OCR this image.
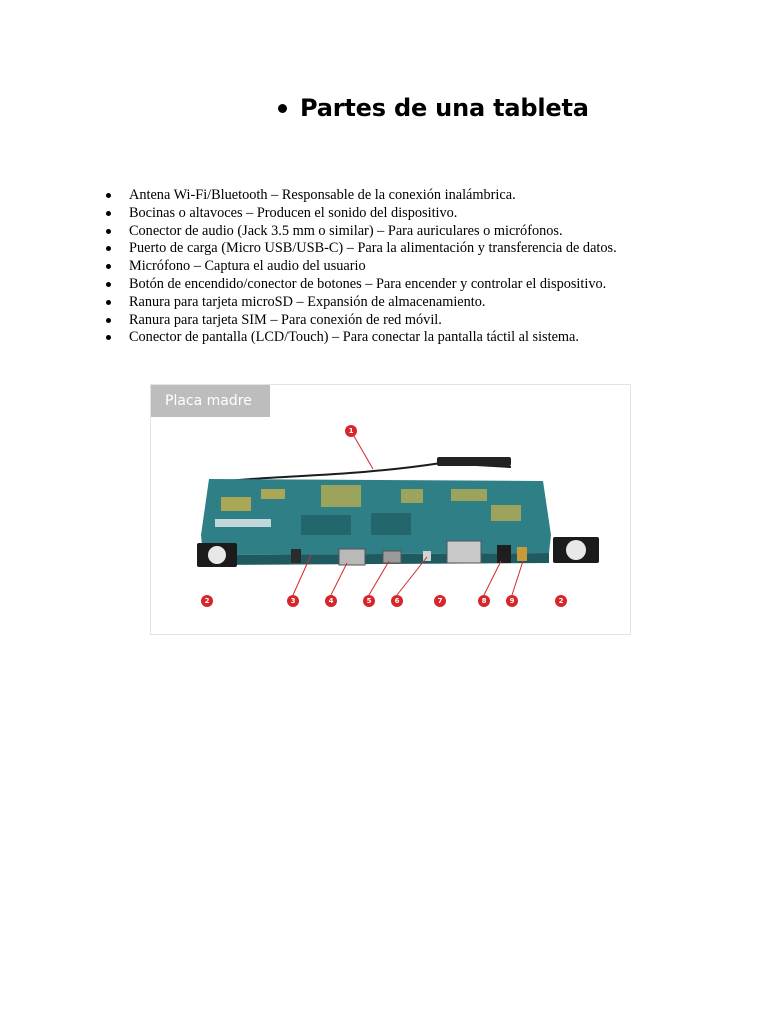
Partes de una tableta
Antena Wi-Fi/Bluetooth – Responsable de la conexión inalámbrica.
Bocinas o altavoces – Producen el sonido del dispositivo.
Conector de audio (Jack 3.5 mm o similar) – Para auriculares o micrófonos.
Puerto de carga (Micro USB/USB-C) – Para la alimentación y transferencia de datos.
Micrófono – Captura el audio del usuario
Botón de encendido/conector de botones – Para encender y controlar el dispositivo.
Ranura para tarjeta microSD – Expansión de almacenamiento.
Ranura para tarjeta SIM – Para conexión de red móvil.
Conector de pantalla (LCD/Touch) – Para conectar la pantalla táctil al sistema.
1
2	3	4	5	6	7	8	9	2
Placa madre
